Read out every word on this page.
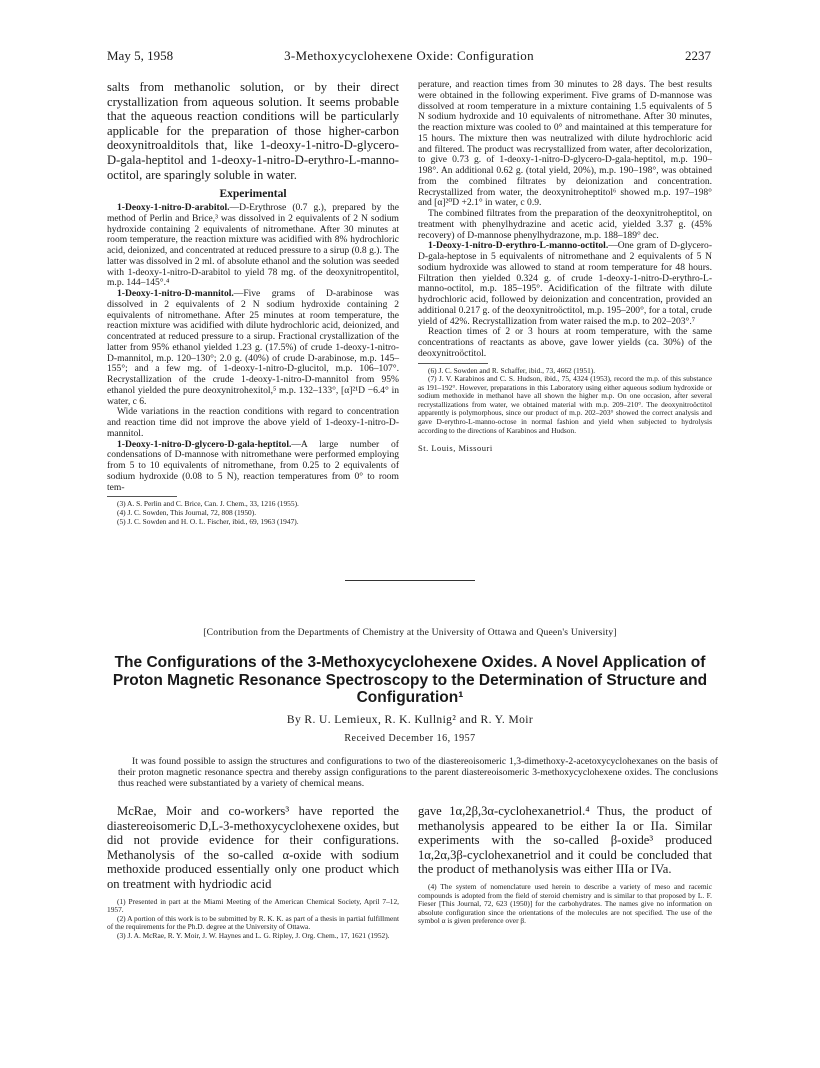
May 5, 1958	3-Methoxycyclohexene Oxide: Configuration	2237

salts from methanolic solution, or by their direct crystallization from aqueous solution. It seems probable that the aqueous reaction conditions will be particularly applicable for the preparation of those higher-carbon deoxynitroalditols that, like 1-deoxy-1-nitro-D-glycero-D-gala-heptitol and 1-deoxy-1-nitro-D-erythro-L-manno-octitol, are sparingly soluble in water.

Experimental

1-Deoxy-1-nitro-D-arabitol.—D-Erythrose (0.7 g.), prepared by the method of Perlin and Brice,³ was dissolved in 2 equivalents of 2 N sodium hydroxide containing 2 equivalents of nitromethane. After 30 minutes at room temperature, the reaction mixture was acidified with 8% hydrochloric acid, deionized, and concentrated at reduced pressure to a sirup (0.8 g.). The latter was dissolved in 2 ml. of absolute ethanol and the solution was seeded with 1-deoxy-1-nitro-D-arabitol to yield 78 mg. of the deoxynitropentitol, m.p. 144–145°.⁴

1-Deoxy-1-nitro-D-mannitol.—Five grams of D-arabinose was dissolved in 2 equivalents of 2 N sodium hydroxide containing 2 equivalents of nitromethane. After 25 minutes at room temperature, the reaction mixture was acidified with dilute hydrochloric acid, deionized, and concentrated at reduced pressure to a sirup. Fractional crystallization of the latter from 95% ethanol yielded 1.23 g. (17.5%) of crude 1-deoxy-1-nitro-D-mannitol, m.p. 120–130°; 2.0 g. (40%) of crude D-arabinose, m.p. 145–155°; and a few mg. of 1-deoxy-1-nitro-D-glucitol, m.p. 106–107°. Recrystallization of the crude 1-deoxy-1-nitro-D-mannitol from 95% ethanol yielded the pure deoxynitrohexitol,⁵ m.p. 132–133°, [α]²¹D −6.4° in water, c 6.

Wide variations in the reaction conditions with regard to concentration and reaction time did not improve the above yield of 1-deoxy-1-nitro-D-mannitol.

1-Deoxy-1-nitro-D-glycero-D-gala-heptitol.—A large number of condensations of D-mannose with nitromethane were performed employing from 5 to 10 equivalents of nitromethane, from 0.25 to 2 equivalents of sodium hydroxide (0.08 to 5 N), reaction temperatures from 0° to room tem-

(3) A. S. Perlin and C. Brice, Can. J. Chem., 33, 1216 (1955).

(4) J. C. Sowden, This Journal, 72, 808 (1950).

(5) J. C. Sowden and H. O. L. Fischer, ibid., 69, 1963 (1947).

perature, and reaction times from 30 minutes to 28 days. The best results were obtained in the following experiment. Five grams of D-mannose was dissolved at room temperature in a mixture containing 1.5 equivalents of 5 N sodium hydroxide and 10 equivalents of nitromethane. After 30 minutes, the reaction mixture was cooled to 0° and maintained at this temperature for 15 hours. The mixture then was neutralized with dilute hydrochloric acid and filtered. The product was recrystallized from water, after decolorization, to give 0.73 g. of 1-deoxy-1-nitro-D-glycero-D-gala-heptitol, m.p. 190–198°. An additional 0.62 g. (total yield, 20%), m.p. 190–198°, was obtained from the combined filtrates by deionization and concentration. Recrystallized from water, the deoxynitroheptitol⁶ showed m.p. 197–198° and [α]²⁰D +2.1° in water, c 0.9.

The combined filtrates from the preparation of the deoxynitroheptitol, on treatment with phenylhydrazine and acetic acid, yielded 3.37 g. (45% recovery) of D-mannose phenylhydrazone, m.p. 188–189° dec.

1-Deoxy-1-nitro-D-erythro-L-manno-octitol.—One gram of D-glycero-D-gala-heptose in 5 equivalents of nitromethane and 2 equivalents of 5 N sodium hydroxide was allowed to stand at room temperature for 48 hours. Filtration then yielded 0.324 g. of crude 1-deoxy-1-nitro-D-erythro-L-manno-octitol, m.p. 185–195°. Acidification of the filtrate with dilute hydrochloric acid, followed by deionization and concentration, provided an additional 0.217 g. of the deoxynitroöctitol, m.p. 195–200°, for a total, crude yield of 42%. Recrystallization from water raised the m.p. to 202–203°.⁷

Reaction times of 2 or 3 hours at room temperature, with the same concentrations of reactants as above, gave lower yields (ca. 30%) of the deoxynitroöctitol.

(6) J. C. Sowden and R. Schaffer, ibid., 73, 4662 (1951).

(7) J. V. Karabinos and C. S. Hudson, ibid., 75, 4324 (1953), record the m.p. of this substance as 191–192°. However, preparations in this Laboratory using either aqueous sodium hydroxide or sodium methoxide in methanol have all shown the higher m.p. On one occasion, after several recrystallizations from water, we obtained material with m.p. 209–210°. The deoxynitroöctitol apparently is polymorphous, since our product of m.p. 202–203° showed the correct analysis and gave D-erythro-L-manno-octose in normal fashion and yield when subjected to hydrolysis according to the directions of Karabinos and Hudson.

St. Louis, Missouri
[Contribution from the Departments of Chemistry at the University of Ottawa and Queen's University]
The Configurations of the 3-Methoxycyclohexene Oxides. A Novel Application of Proton Magnetic Resonance Spectroscopy to the Determination of Structure and Configuration¹
By R. U. Lemieux, R. K. Kullnig² and R. Y. Moir
Received December 16, 1957
It was found possible to assign the structures and configurations to two of the diastereoisomeric 1,3-dimethoxy-2-acetoxycyclohexanes on the basis of their proton magnetic resonance spectra and thereby assign configurations to the parent diastereoisomeric 3-methoxycyclohexene oxides. The conclusions thus reached were substantiated by a variety of chemical means.

McRae, Moir and co-workers³ have reported the diastereoisomeric D,L-3-methoxycyclohexene oxides, but did not provide evidence for their configurations. Methanolysis of the so-called α-oxide with sodium methoxide produced essentially only one product which on treatment with hydriodic acid

(1) Presented in part at the Miami Meeting of the American Chemical Society, April 7–12, 1957.

(2) A portion of this work is to be submitted by R. K. K. as part of a thesis in partial fulfillment of the requirements for the Ph.D. degree at the University of Ottawa.

(3) J. A. McRae, R. Y. Moir, J. W. Haynes and L. G. Ripley, J. Org. Chem., 17, 1621 (1952).

gave 1α,2β,3α-cyclohexanetriol.⁴ Thus, the product of methanolysis appeared to be either Ia or IIa. Similar experiments with the so-called β-oxide³ produced 1α,2α,3β-cyclohexanetriol and it could be concluded that the product of methanolysis was either IIIa or IVa.

(4) The system of nomenclature used herein to describe a variety of meso and racemic compounds is adopted from the field of steroid chemistry and is similar to that proposed by L. F. Fieser [This Journal, 72, 623 (1950)] for the carbohydrates. The names give no information on absolute configuration since the orientations of the molecules are not specified. The use of the symbol α is given preference over β.
